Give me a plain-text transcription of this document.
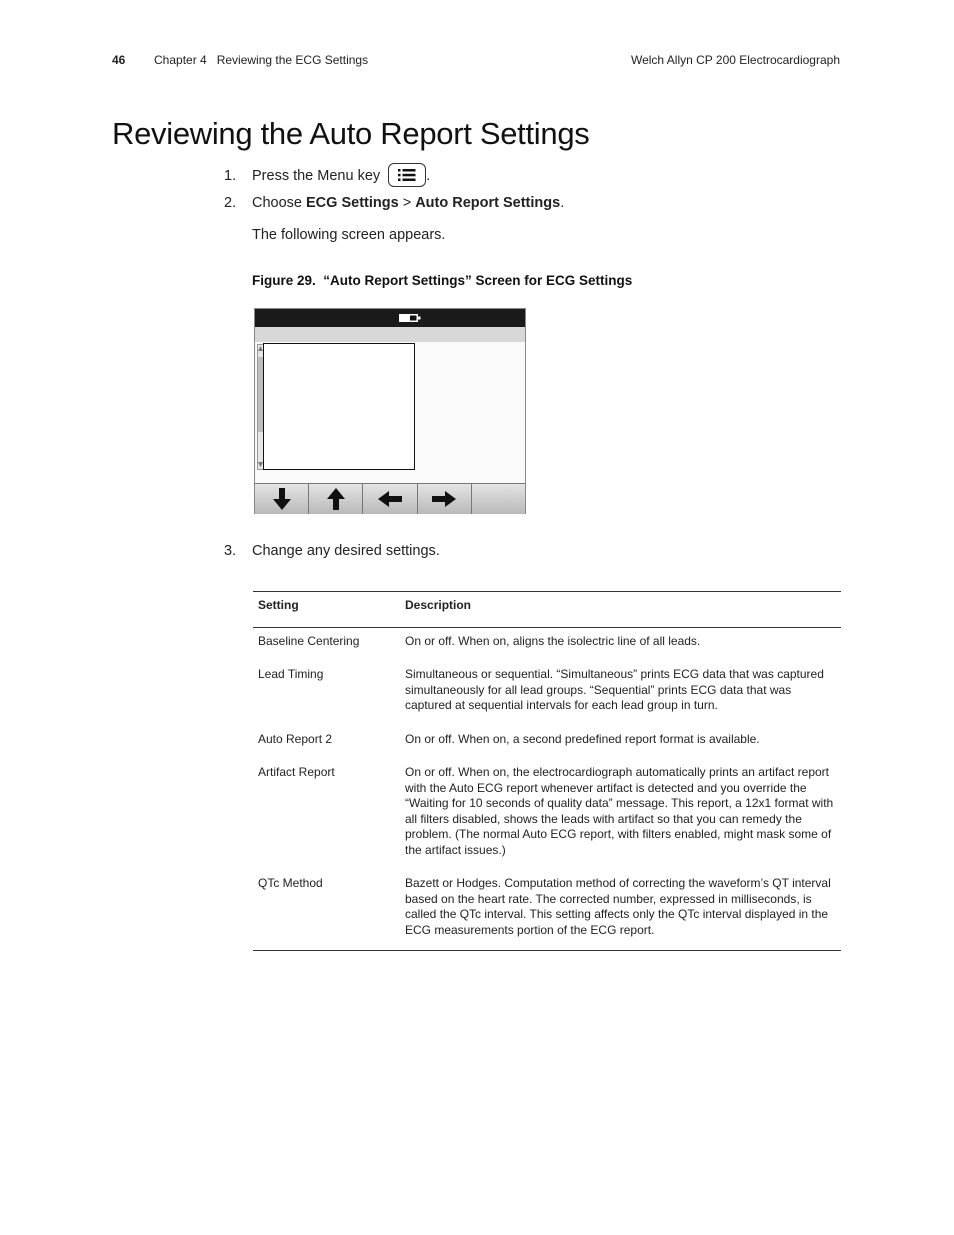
46 Chapter 4   Reviewing the ECG Settings	Welch Allyn CP 200 Electrocardiograph
Reviewing the Auto Report Settings
1. Press the Menu key	.
2. Choose ECG Settings > Auto Report Settings.
The following screen appears.
Figure 29.  “Auto Report Settings” Screen for ECG Settings
3. Change any desired settings.
Setting	Description
Baseline Centering	On or off. When on, aligns the isolectric line of all leads.
Lead Timing	Simultaneous or sequential. “Simultaneous” prints ECG data that was captured simultaneously for all lead groups. “Sequential” prints ECG data that was captured at sequential intervals for each lead group in turn.
Auto Report 2	On or off. When on, a second predefined report format is available.
Artifact Report	On or off. When on, the electrocardiograph automatically prints an artifact report with the Auto ECG report whenever artifact is detected and you override the “Waiting for 10 seconds of quality data” message. This report, a 12x1 format with all filters disabled, shows the leads with artifact so that you can remedy the problem. (The normal Auto ECG report, with filters enabled, might mask some of the artifact issues.)
QTc Method	Bazett or Hodges. Computation method of correcting the waveform’s QT interval based on the heart rate. The corrected number, expressed in milliseconds, is called the QTc interval. This setting affects only the QTc interval displayed in the ECG measurements portion of the ECG report.
